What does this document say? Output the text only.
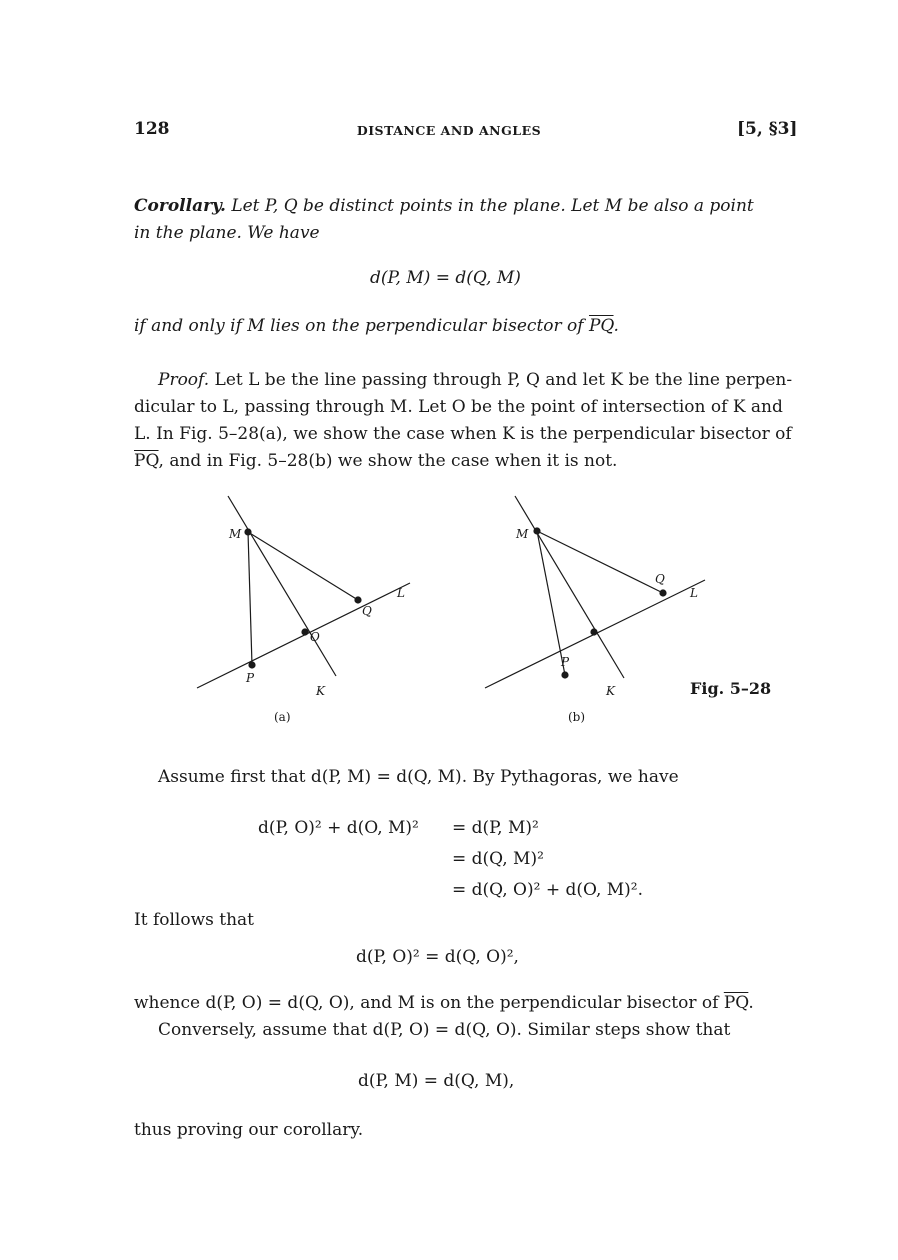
128	DISTANCE AND ANGLES	[5, §3]
Corollary. Let P, Q be distinct points in the plane. Let M be also a point
in the plane. We have
d(P, M) = d(Q, M)
if and only if M lies on the perpendicular bisector of $\overline{PQ}$.
Proof. Let L be the line passing through P, Q and let K be the line perpen-
dicular to L, passing through M. Let O be the point of intersection of K and
L. In Fig. 5–28(a), we show the case when K is the perpendicular bisector of
$\overline{PQ}$, and in Fig. 5–28(b) we show the case when it is not.
M
L
Q
O
P
K
(a)
M
Q
L
P
K
(b)
Fig. 5–28
Assume first that d(P, M) = d(Q, M). By Pythagoras, we have
d(P, O)² + d(O, M)² = d(P, M)²
= d(Q, M)²
= d(Q, O)² + d(O, M)².
It follows that
d(P, O)² = d(Q, O)²,
whence d(P, O) = d(Q, O), and M is on the perpendicular bisector of $\overline{PQ}$.
Conversely, assume that d(P, O) = d(Q, O). Similar steps show that
d(P, M) = d(Q, M),
thus proving our corollary.
